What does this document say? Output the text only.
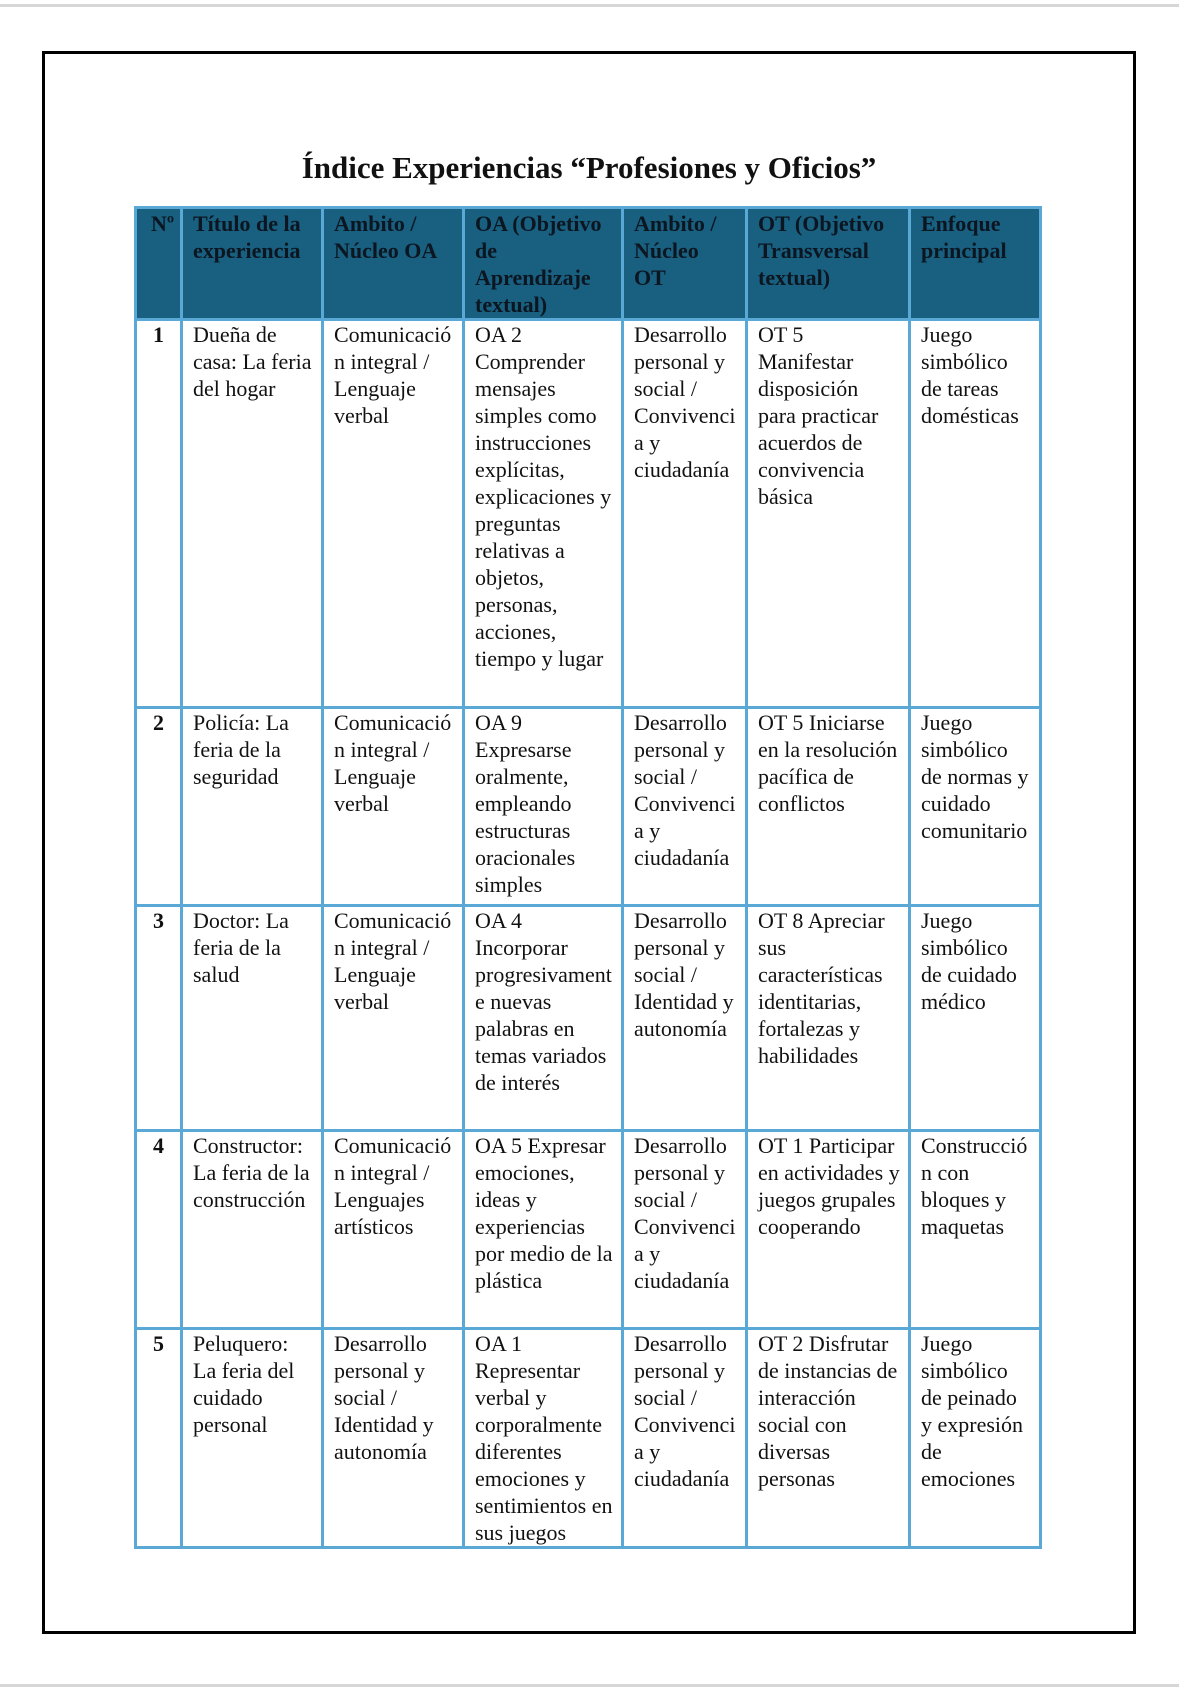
Índice Experiencias “Profesiones y Oficios”
Nº	Título de la experiencia	Ambito / Núcleo OA	OA (Objetivo de Aprendizaje textual)	Ambito / Núcleo OT	OT (Objetivo Transversal textual)	Enfoque principal
1	Dueña de casa: La feria del hogar	Comunicación integral / Lenguaje verbal	OA 2 Comprender mensajes simples como instrucciones explícitas, explicaciones y preguntas relativas a objetos, personas, acciones, tiempo y lugar	Desarrollo personal y social / Convivencia y ciudadanía	OT 5 Manifestar disposición para practicar acuerdos de convivencia básica	Juego simbólico de tareas domésticas
2	Policía: La feria de la seguridad	Comunicación integral / Lenguaje verbal	OA 9 Expresarse oralmente, empleando estructuras oracionales simples	Desarrollo personal y social / Convivencia y ciudadanía	OT 5 Iniciarse en la resolución pacífica de conflictos	Juego simbólico de normas y cuidado comunitario
3	Doctor: La feria de la salud	Comunicación integral / Lenguaje verbal	OA 4 Incorporar progresivamente nuevas palabras en temas variados de interés	Desarrollo personal y social / Identidad y autonomía	OT 8 Apreciar sus características identitarias, fortalezas y habilidades	Juego simbólico de cuidado médico
4	Constructor: La feria de la construcción	Comunicación integral / Lenguajes artísticos	OA 5 Expresar emociones, ideas y experiencias por medio de la plástica	Desarrollo personal y social / Convivencia y ciudadanía	OT 1 Participar en actividades y juegos grupales cooperando	Construcción con bloques y maquetas
5	Peluquero: La feria del cuidado personal	Desarrollo personal y social / Identidad y autonomía	OA 1 Representar verbal y corporalmente diferentes emociones y sentimientos en sus juegos	Desarrollo personal y social / Convivencia y ciudadanía	OT 2 Disfrutar de instancias de interacción social con diversas personas	Juego simbólico de peinado y expresión de emociones
